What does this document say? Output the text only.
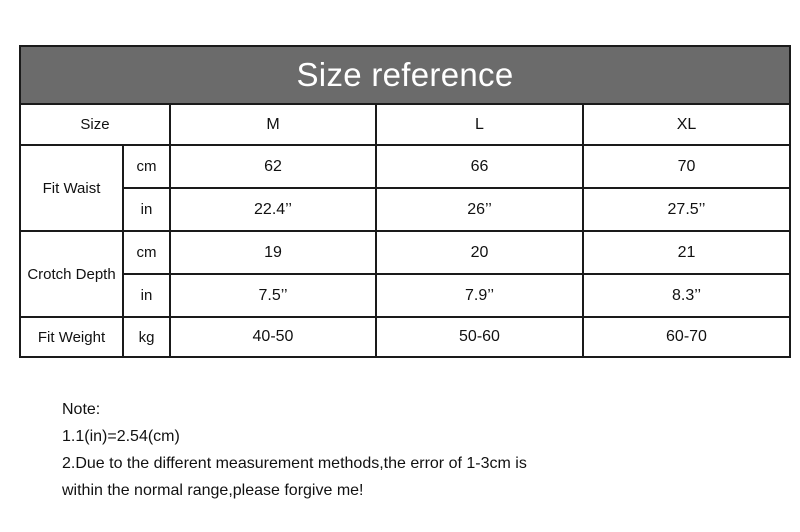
Size reference				
Size		M	L	XL
Fit Waist	cm	62	66	70
	in	22.4’’	26’’	27.5’’
Crotch Depth	cm	19	20	21
	in	7.5’’	7.9’’	8.3’’
Fit Weight	kg	40-50	50-60	60-70
Note:
1.1(in)=2.54(cm)
2.Due to the different measurement methods,the error of 1-3cm is
within the normal range,please forgive me!
